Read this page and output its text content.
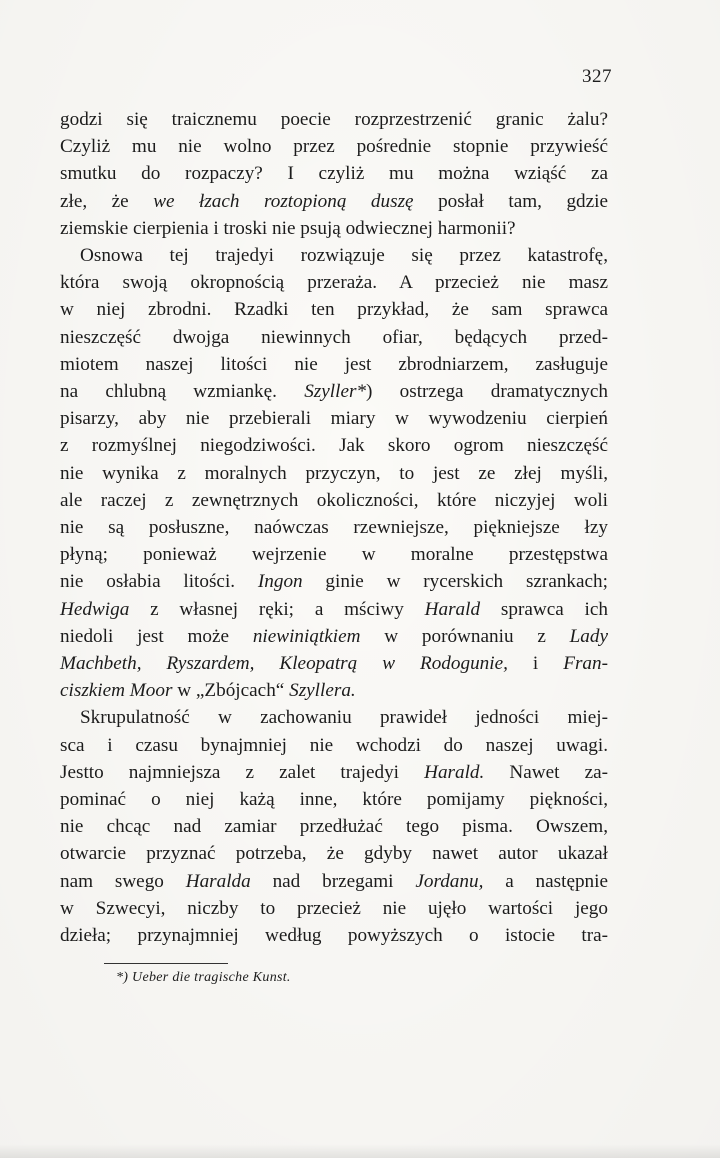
327
godzi się traicznemu poecie rozprzestrzenić granic żalu?
Czyliż mu nie wolno przez pośrednie stopnie przywieść
smutku do rozpaczy? I czyliż mu można wziąść za
złe, że we łzach roztopioną duszę posłał tam, gdzie
ziemskie cierpienia i troski nie psują odwiecznej harmonii?
Osnowa tej trajedyi rozwiązuje się przez katastrofę,
która swoją okropnością przeraża. A przecież nie masz
w niej zbrodni. Rzadki ten przykład, że sam sprawca
nieszczęść dwojga niewinnych ofiar, będących przed-
miotem naszej litości nie jest zbrodniarzem, zasługuje
na chlubną wzmiankę. Szyller*) ostrzega dramatycznych
pisarzy, aby nie przebierali miary w wywodzeniu cierpień
z rozmyślnej niegodziwości. Jak skoro ogrom nieszczęść
nie wynika z moralnych przyczyn, to jest ze złej myśli,
ale raczej z zewnętrznych okoliczności, które niczyjej woli
nie są posłuszne, naówczas rzewniejsze, piękniejsze łzy
płyną; ponieważ wejrzenie w moralne przestępstwa
nie osłabia litości. Ingon ginie w rycerskich szrankach;
Hedwiga z własnej ręki; a mściwy Harald sprawca ich
niedoli jest może niewiniątkiem w porównaniu z Lady
Machbeth, Ryszardem, Kleopatrą w Rodogunie, i Fran-
ciszkiem Moor w „Zbójcach“ Szyllera.
Skrupulatność w zachowaniu prawideł jedności miej-
sca i czasu bynajmniej nie wchodzi do naszej uwagi.
Jestto najmniejsza z zalet trajedyi Harald. Nawet za-
pominać o niej każą inne, które pomijamy piękności,
nie chcąc nad zamiar przedłużać tego pisma. Owszem,
otwarcie przyznać potrzeba, że gdyby nawet autor ukazał
nam swego Haralda nad brzegami Jordanu, a następnie
w Szwecyi, niczby to przecież nie ujęło wartości jego
dzieła; przynajmniej według powyższych o istocie tra-
*) Ueber die tragische Kunst.
